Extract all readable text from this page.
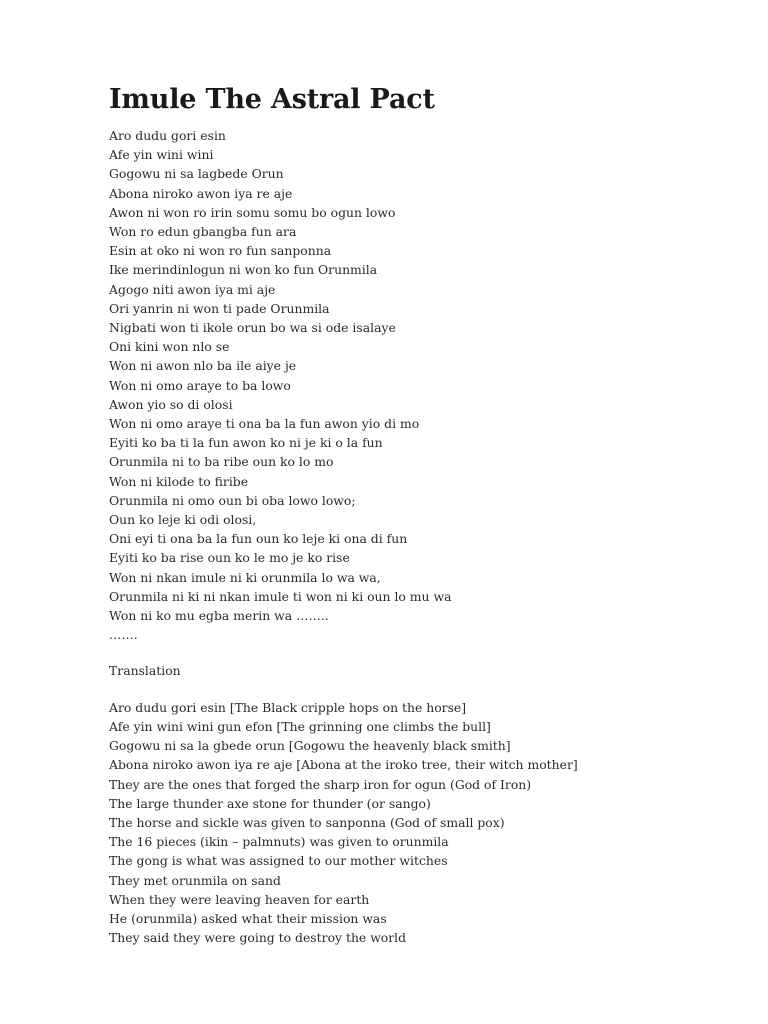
Imule The Astral Pact
Aro dudu gori esin
Afe yin wini wini
Gogowu ni sa lagbede Orun
Abona niroko awon iya re aje
Awon ni won ro irin somu somu bo ogun lowo
Won ro edun gbangba fun ara
Esin at oko ni won ro fun sanponna
Ike merindinlogun ni won ko fun Orunmila
Agogo niti awon iya mi aje
Ori yanrin ni won ti pade Orunmila
Nigbati won ti ikole orun bo wa si ode isalaye
Oni kini won nlo se
Won ni awon nlo ba ile aiye je
Won ni omo araye to ba lowo
Awon yio so di olosi
Won ni omo araye ti ona ba la fun awon yio di mo
Eyiti ko ba ti la fun awon ko ni je ki o la fun
Orunmila ni to ba ribe oun ko lo mo
Won ni kilode to firibe
Orunmila ni omo oun bi oba lowo lowo;
Oun ko leje ki odi olosi,
Oni eyi ti ona ba la fun oun ko leje ki ona di fun
Eyiti ko ba rise oun ko le mo je ko rise
Won ni nkan imule ni ki orunmila lo wa wa,
Orunmila ni ki ni nkan imule ti won ni ki oun lo mu wa
Won ni ko mu egba merin wa ……..
…….
Translation
Aro dudu gori esin [The Black cripple hops on the horse]
Afe yin wini wini gun efon [The grinning one climbs the bull]
Gogowu ni sa la gbede orun [Gogowu the heavenly black smith]
Abona niroko awon iya re aje [Abona at the iroko tree, their witch mother]
They are the ones that forged the sharp iron for ogun (God of Iron)
The large thunder axe stone for thunder (or sango)
The horse and sickle was given to sanponna (God of small pox)
The 16 pieces (ikin – palmnuts) was given to orunmila
The gong is what was assigned to our mother witches
They met orunmila on sand
When they were leaving heaven for earth
He (orunmila) asked what their mission was
They said they were going to destroy the world
